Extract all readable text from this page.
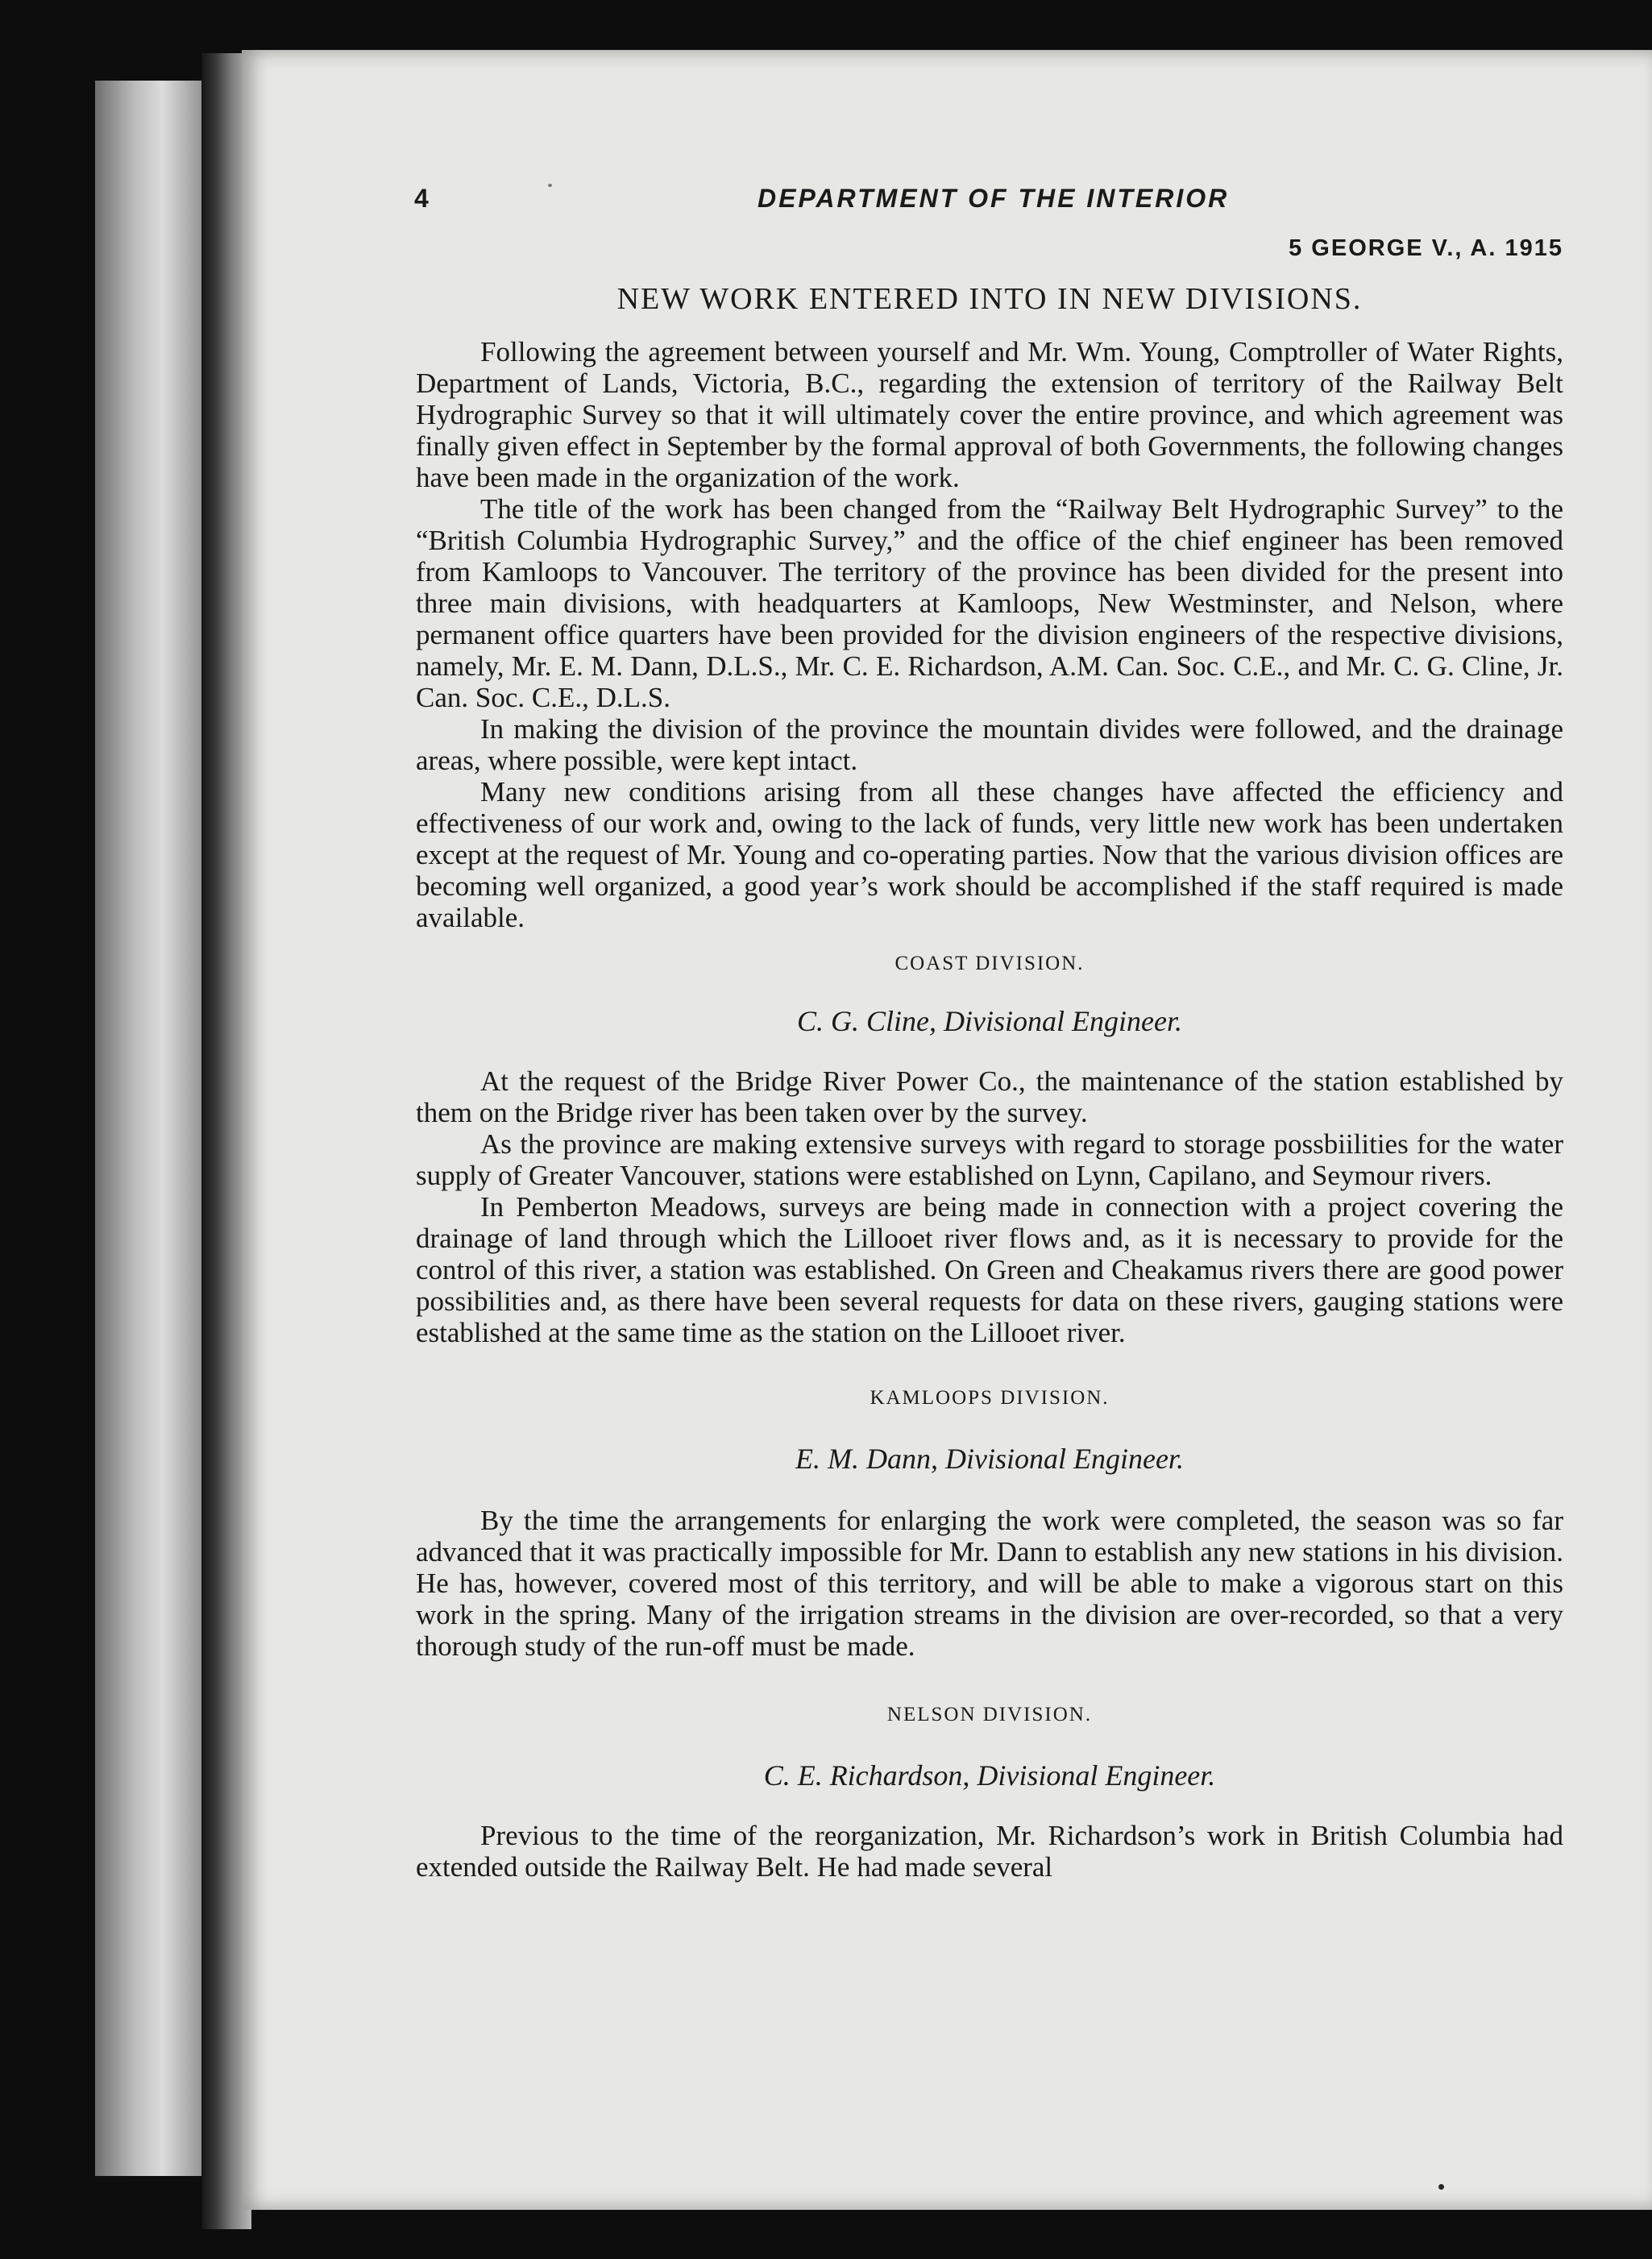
4	DEPARTMENT OF THE INTERIOR
5 GEORGE V., A. 1915
NEW WORK ENTERED INTO IN NEW DIVISIONS.

Following the agreement between yourself and Mr. Wm. Young, Comptroller of Water Rights, Department of Lands, Victoria, B.C., regarding the extension of territory of the Railway Belt Hydrographic Survey so that it will ultimately cover the entire province, and which agreement was finally given effect in September by the formal approval of both Governments, the following changes have been made in the organization of the work.

The title of the work has been changed from the “Railway Belt Hydrographic Survey” to the “British Columbia Hydrographic Survey,” and the office of the chief engineer has been removed from Kamloops to Vancouver. The territory of the province has been divided for the present into three main divisions, with headquarters at Kamloops, New Westminster, and Nelson, where permanent office quarters have been provided for the division engineers of the respective divisions, namely, Mr. E. M. Dann, D.L.S., Mr. C. E. Richardson, A.M. Can. Soc. C.E., and Mr. C. G. Cline, Jr. Can. Soc. C.E., D.L.S.

In making the division of the province the mountain divides were followed, and the drainage areas, where possible, were kept intact.

Many new conditions arising from all these changes have affected the efficiency and effectiveness of our work and, owing to the lack of funds, very little new work has been undertaken except at the request of Mr. Young and co-operating parties. Now that the various division offices are becoming well organized, a good year’s work should be accomplished if the staff required is made available.

COAST DIVISION.
C. G. Cline, Divisional Engineer.

At the request of the Bridge River Power Co., the maintenance of the station established by them on the Bridge river has been taken over by the survey.

As the province are making extensive surveys with regard to storage possbiilities for the water supply of Greater Vancouver, stations were established on Lynn, Capilano, and Seymour rivers.

In Pemberton Meadows, surveys are being made in connection with a project covering the drainage of land through which the Lillooet river flows and, as it is necessary to provide for the control of this river, a station was established. On Green and Cheakamus rivers there are good power possibilities and, as there have been several requests for data on these rivers, gauging stations were established at the same time as the station on the Lillooet river.

KAMLOOPS DIVISION.
E. M. Dann, Divisional Engineer.

By the time the arrangements for enlarging the work were completed, the season was so far advanced that it was practically impossible for Mr. Dann to establish any new stations in his division. He has, however, covered most of this territory, and will be able to make a vigorous start on this work in the spring. Many of the irrigation streams in the division are over-recorded, so that a very thorough study of the run-off must be made.

NELSON DIVISION.
C. E. Richardson, Divisional Engineer.

Previous to the time of the reorganization, Mr. Richardson’s work in British Columbia had extended outside the Railway Belt. He had made several
